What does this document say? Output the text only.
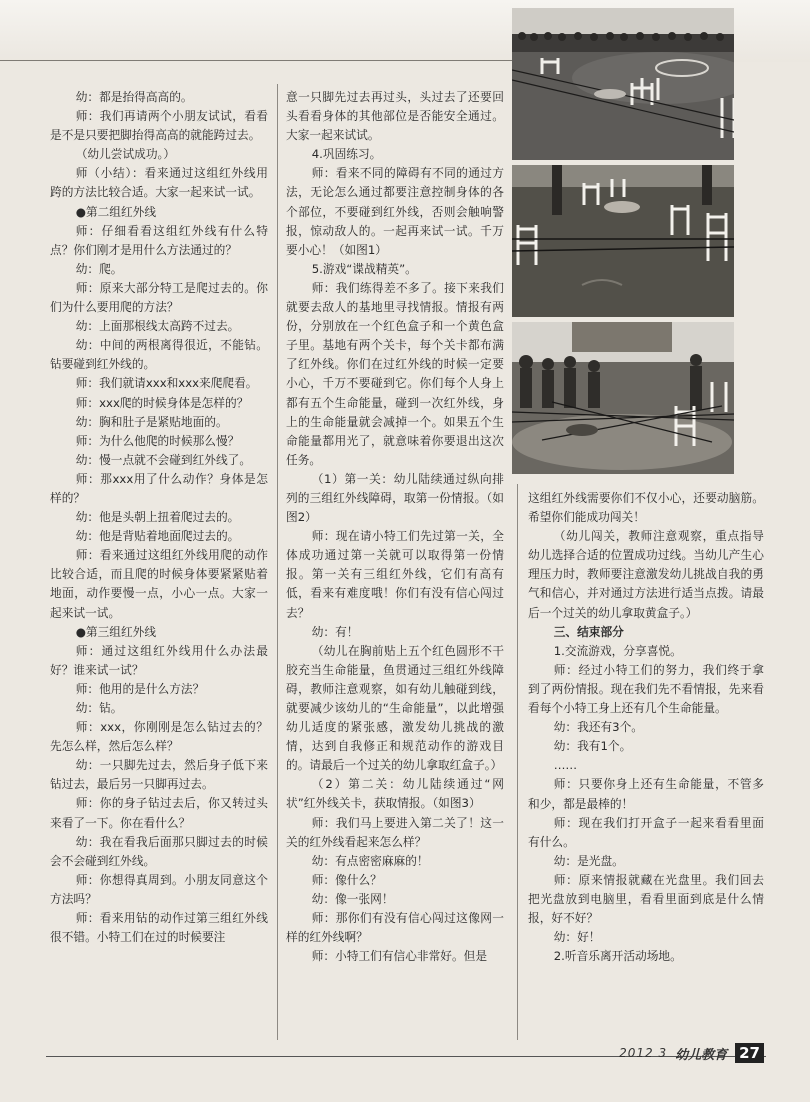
幼：都是抬得高高的。

师：我们再请两个小朋友试试，看看是不是只要把脚抬得高高的就能跨过去。

（幼儿尝试成功。）

师（小结）：看来通过这组红外线用跨的方法比较合适。大家一起来试一试。

●第二组红外线

师：仔细看看这组红外线有什么特点？你们刚才是用什么方法通过的？

幼：爬。

师：原来大部分特工是爬过去的。你们为什么要用爬的方法？

幼：上面那根线太高跨不过去。

幼：中间的两根离得很近，不能钻。钻要碰到红外线的。

师：我们就请xxx和xxx来爬爬看。

师：xxx爬的时候身体是怎样的？

幼：胸和肚子是紧贴地面的。

师：为什么他爬的时候那么慢？

幼：慢一点就不会碰到红外线了。

师：那xxx用了什么动作？身体是怎样的？

幼：他是头朝上扭着爬过去的。

幼：他是背贴着地面爬过去的。

师：看来通过这组红外线用爬的动作比较合适，而且爬的时候身体要紧紧贴着地面，动作要慢一点，小心一点。大家一起来试一试。

●第三组红外线

师：通过这组红外线用什么办法最好？谁来试一试？

师：他用的是什么方法？

幼：钻。

师：xxx，你刚刚是怎么钻过去的？先怎么样，然后怎么样？

幼：一只脚先过去，然后身子低下来钻过去，最后另一只脚再过去。

师：你的身子钻过去后，你又转过头来看了一下。你在看什么？

幼：我在看我后面那只脚过去的时候会不会碰到红外线。

师：你想得真周到。小朋友同意这个方法吗？

师：看来用钻的动作过第三组红外线很不错。小特工们在过的时候要注

意一只脚先过去再过头，头过去了还要回头看看身体的其他部位是否能安全通过。大家一起来试试。

4.巩固练习。

师：看来不同的障碍有不同的通过方法，无论怎么通过都要注意控制身体的各个部位，不要碰到红外线，否则会触响警报，惊动敌人的。一起再来试一试。千万要小心！（如图1）

5.游戏“谍战精英”。

师：我们练得差不多了。接下来我们就要去敌人的基地里寻找情报。情报有两份，分别放在一个红色盒子和一个黄色盒子里。基地有两个关卡，每个关卡都布满了红外线。你们在过红外线的时候一定要小心，千万不要碰到它。你们每个人身上都有五个生命能量，碰到一次红外线，身上的生命能量就会减掉一个。如果五个生命能量都用光了，就意味着你要退出这次任务。

（1）第一关：幼儿陆续通过纵向排列的三组红外线障碍，取第一份情报。（如图2）

师：现在请小特工们先过第一关，全体成功通过第一关就可以取得第一份情报。第一关有三组红外线，它们有高有低，看来有难度哦！你们有没有信心闯过去？

幼：有！

（幼儿在胸前贴上五个红色圆形不干胶充当生命能量，鱼贯通过三组红外线障碍，教师注意观察，如有幼儿触碰到线，就要减少该幼儿的“生命能量”，以此增强幼儿适度的紧张感，激发幼儿挑战的激情，达到自我修正和规范动作的游戏目的。请最后一个过关的幼儿拿取红盒子。）

（2）第二关：幼儿陆续通过“网状”红外线关卡，获取情报。（如图3）

师：我们马上要进入第二关了！这一关的红外线看起来怎么样？

幼：有点密密麻麻的！

师：像什么？

幼：像一张网！

师：那你们有没有信心闯过这像网一样的红外线啊？

师：小特工们有信心非常好。但是

这组红外线需要你们不仅小心，还要动脑筋。希望你们能成功闯关！

（幼儿闯关，教师注意观察，重点指导幼儿选择合适的位置成功过线。当幼儿产生心理压力时，教师要注意激发幼儿挑战自我的勇气和信心，并对通过方法进行适当点拨。请最后一个过关的幼儿拿取黄盒子。）

三、结束部分

1.交流游戏，分享喜悦。

师：经过小特工们的努力，我们终于拿到了两份情报。现在我们先不看情报，先来看看每个小特工身上还有几个生命能量。

幼：我还有3个。

幼：我有1个。

……

师：只要你身上还有生命能量，不管多和少，都是最棒的！

师：现在我们打开盒子一起来看看里面有什么。

幼：是光盘。

师：原来情报就藏在光盘里。我们回去把光盘放到电脑里，看看里面到底是什么情报，好不好？

幼：好！

2.听音乐离开活动场地。

2012 3 幼儿教育 27
